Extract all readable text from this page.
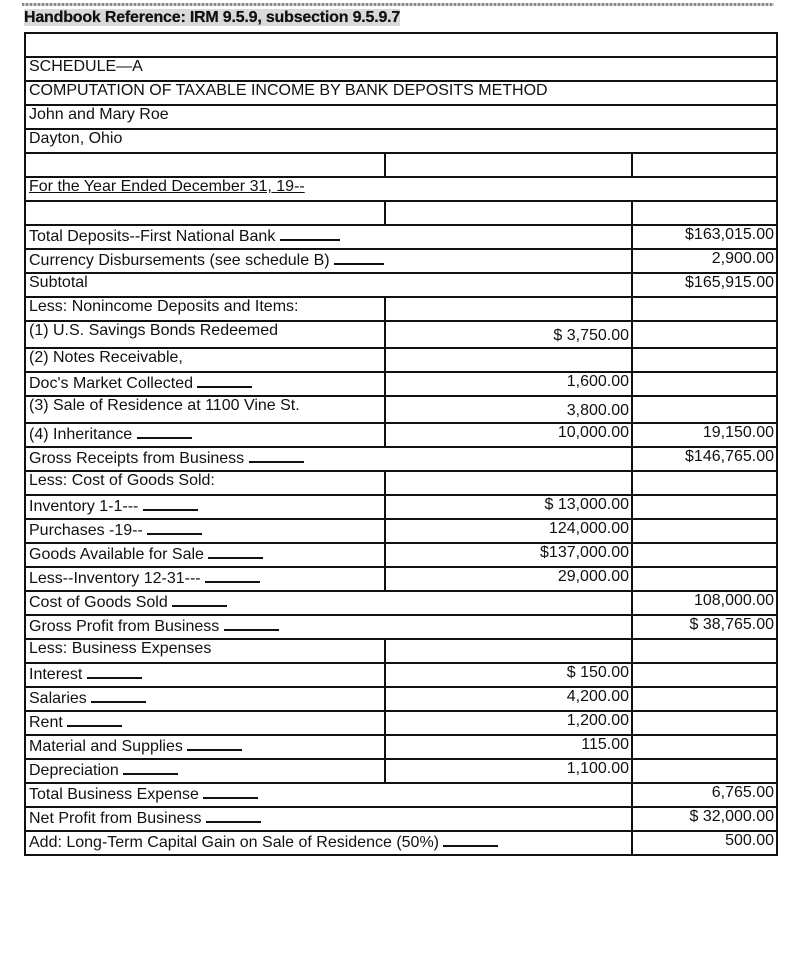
Handbook Reference: IRM 9.5.9, subsection 9.5.9.7

SCHEDULE—A		
COMPUTATION OF TAXABLE INCOME BY BANK DEPOSITS METHOD		
John and Mary Roe		
Dayton, Ohio		

For the Year Ended December 31, 19--		

Total Deposits--First National Bank		$163,015.00
Currency Disbursements (see schedule B)		2,900.00
Subtotal		$165,915.00
Less: Nonincome Deposits and Items:		
(1) U.S. Savings Bonds Redeemed	$ 3,750.00	
(2) Notes Receivable,		
Doc's Market Collected	1,600.00	
(3) Sale of Residence at 1100 Vine St.	3,800.00	
(4) Inheritance	10,000.00	19,150.00
Gross Receipts from Business		$146,765.00
Less: Cost of Goods Sold:		
Inventory 1-1---	$ 13,000.00	
Purchases -19--	124,000.00	
Goods Available for Sale	$137,000.00	
Less--Inventory 12-31---	29,000.00	
Cost of Goods Sold		108,000.00
Gross Profit from Business		$ 38,765.00
Less: Business Expenses		
Interest	$ 150.00	
Salaries	4,200.00	
Rent	1,200.00	
Material and Supplies	115.00	
Depreciation	1,100.00	
Total Business Expense		6,765.00
Net Profit from Business		$ 32,000.00
Add: Long-Term Capital Gain on Sale of Residence (50%)		500.00
